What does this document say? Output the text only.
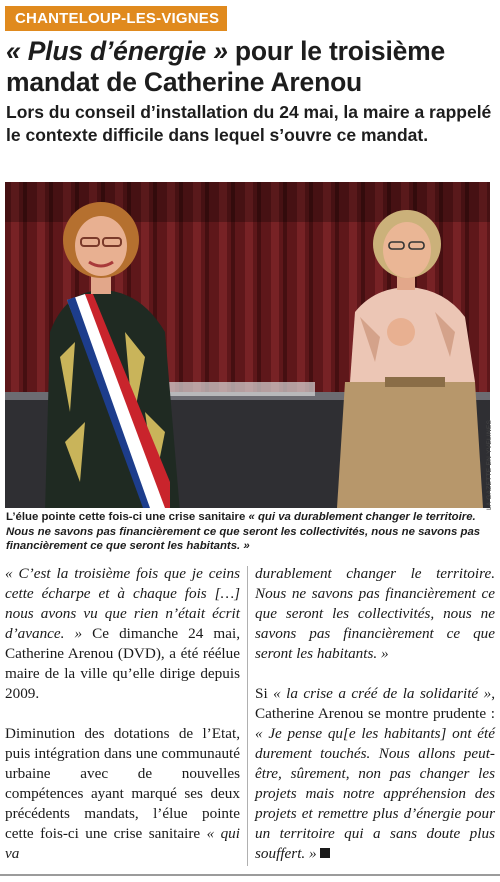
CHANTELOUP-LES-VIGNES
« Plus d’énergie » pour le troisième mandat de Catherine Arenou
Lors du conseil d’installation du 24 mai, la maire a rappelé le contexte difficile dans lequel s’ouvre ce mandat.
LA GAZETTE EN YVELINES

L’élue pointe cette fois-ci une crise sanitaire « qui va durablement changer le territoire. Nous ne savons pas financièrement ce que seront les collectivités, nous ne savons pas financièrement ce que seront les habitants. »

« C’est la troisième fois que je ceins cette écharpe et à chaque fois […] nous avons vu que rien n’était écrit d’avance. » Ce dimanche 24 mai, Catherine Arenou (DVD), a été réélue maire de la ville qu’elle dirige depuis 2009.

Diminution des dotations de l’Etat, puis intégration dans une communauté urbaine avec de nouvelles compétences ayant marqué ses deux précédents mandats, l’élue pointe cette fois-ci une crise sanitaire « qui va

durablement changer le territoire. Nous ne savons pas financièrement ce que seront les collectivités, nous ne savons pas financièrement ce que seront les habitants. »

Si « la crise a créé de la solidarité », Catherine Arenou se montre prudente : « Je pense qu[e les habitants] ont été durement touchés. Nous allons peut-être, sûrement, non pas changer les projets mais notre appréhension des projets et remettre plus d’énergie pour un territoire qui a sans doute plus souffert. »
